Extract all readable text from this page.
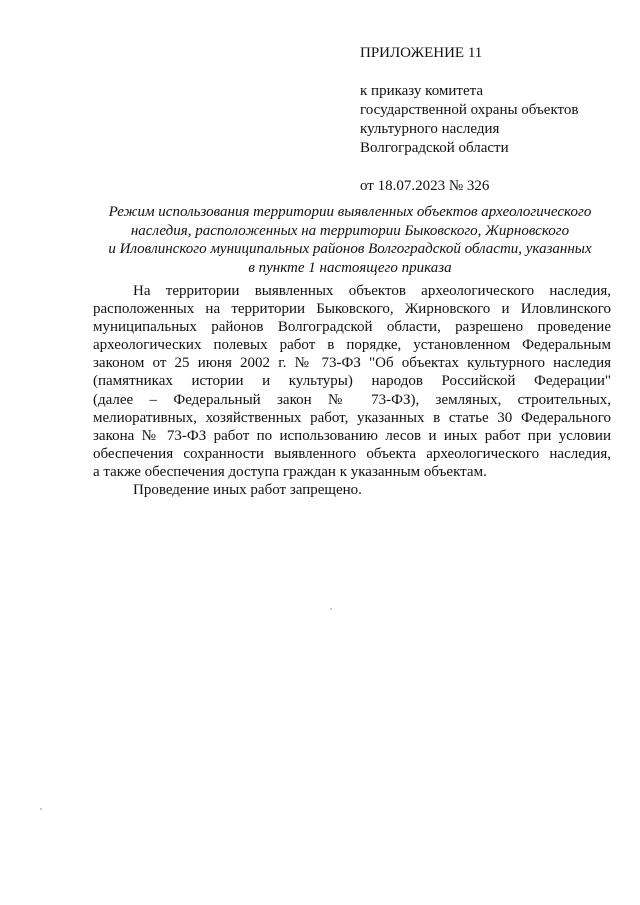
ПРИЛОЖЕНИЕ 11
к приказу комитета
государственной охраны объектов
культурного наследия
Волгоградской области
от 18.07.2023 № 326
Режим использования территории выявленных объектов археологического
наследия, расположенных на территории Быковского, Жирновского
и Иловлинского муниципальных районов Волгоградской области, указанных
в пункте 1 настоящего приказа
На территории выявленных объектов археологического наследия,
расположенных на территории Быковского, Жирновского и Иловлинского
муниципальных районов Волгоградской области, разрешено проведение
археологических полевых работ в порядке, установленном Федеральным
законом от 25 июня 2002 г. № 73-ФЗ "Об объектах культурного наследия
(памятниках истории и культуры) народов Российской Федерации"
(далее – Федеральный закон № 73-ФЗ), земляных, строительных,
мелиоративных, хозяйственных работ, указанных в статье 30 Федерального
закона № 73-ФЗ работ по использованию лесов и иных работ при условии
обеспечения сохранности выявленного объекта археологического наследия,
а также обеспечения доступа граждан к указанным объектам.
Проведение иных работ запрещено.
